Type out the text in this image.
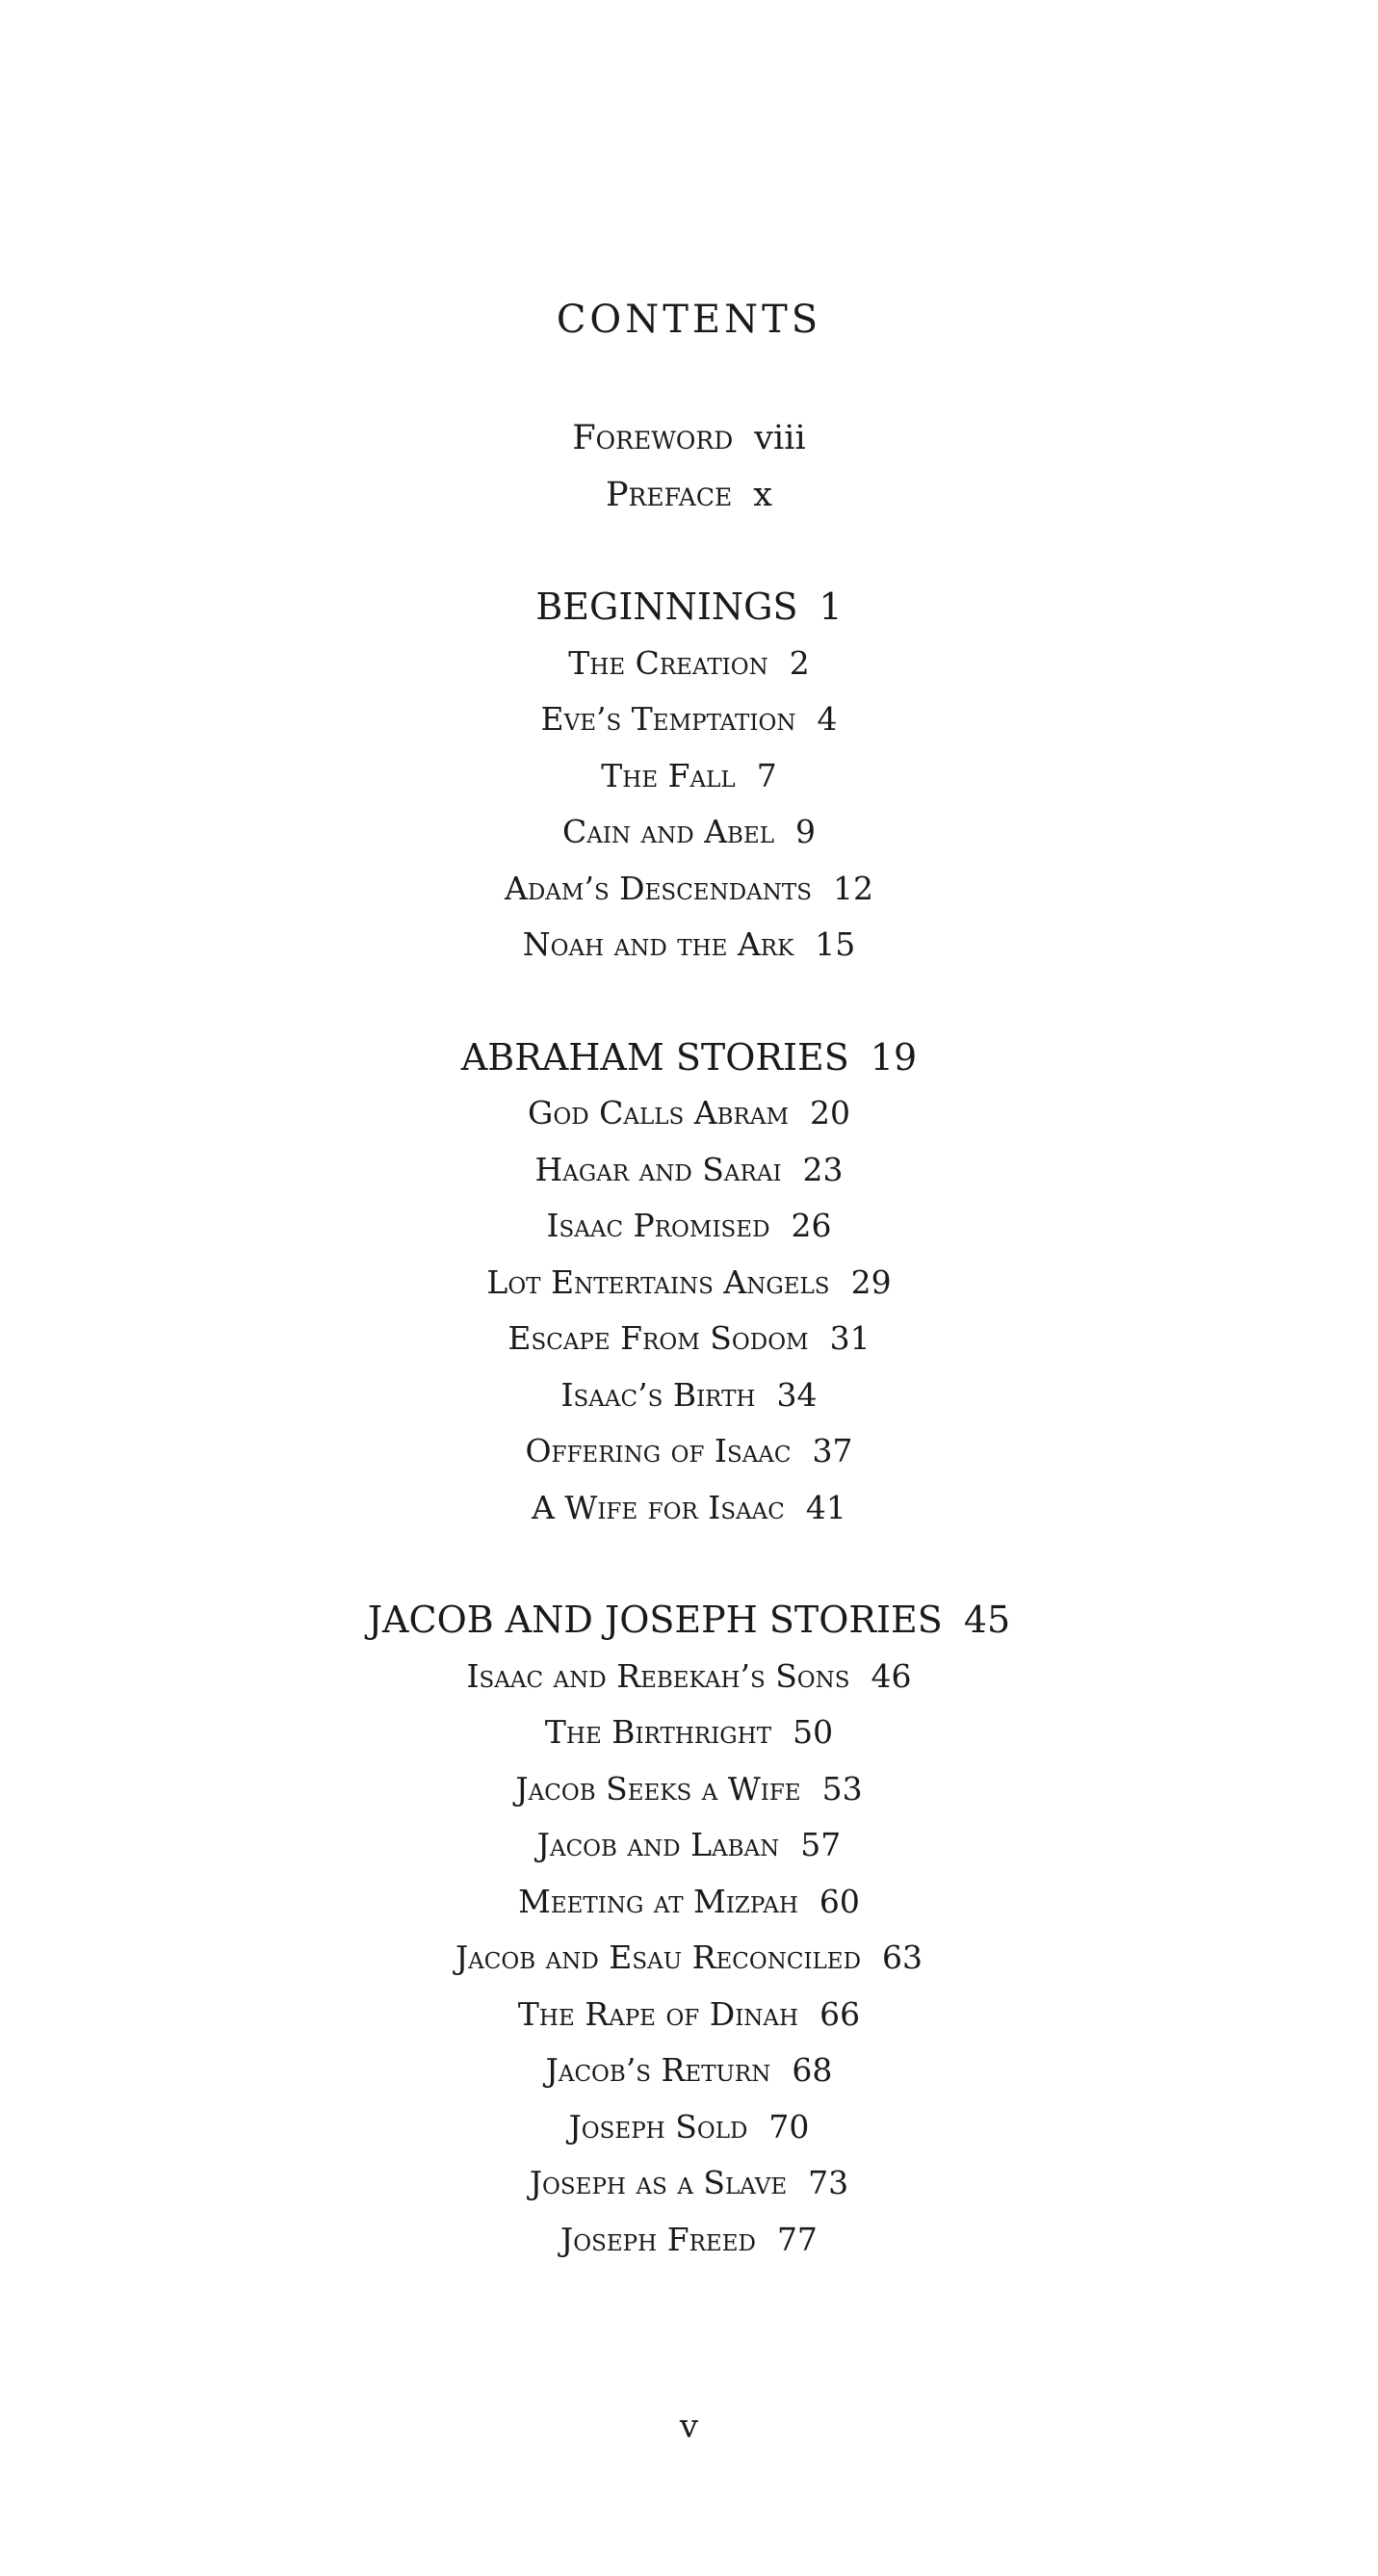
CONTENTS
Foreword viii
Preface x
BEGINNINGS 1
The Creation 2
Eve’s Temptation 4
The Fall 7
Cain and Abel 9
Adam’s Descendants 12
Noah and the Ark 15
ABRAHAM STORIES 19
God Calls Abram 20
Hagar and Sarai 23
Isaac Promised 26
Lot Entertains Angels 29
Escape From Sodom 31
Isaac’s Birth 34
Offering of Isaac 37
A Wife for Isaac 41
JACOB AND JOSEPH STORIES 45
Isaac and Rebekah’s Sons 46
The Birthright 50
Jacob Seeks a Wife 53
Jacob and Laban 57
Meeting at Mizpah 60
Jacob and Esau Reconciled 63
The Rape of Dinah 66
Jacob’s Return 68
Joseph Sold 70
Joseph as a Slave 73
Joseph Freed 77
v
